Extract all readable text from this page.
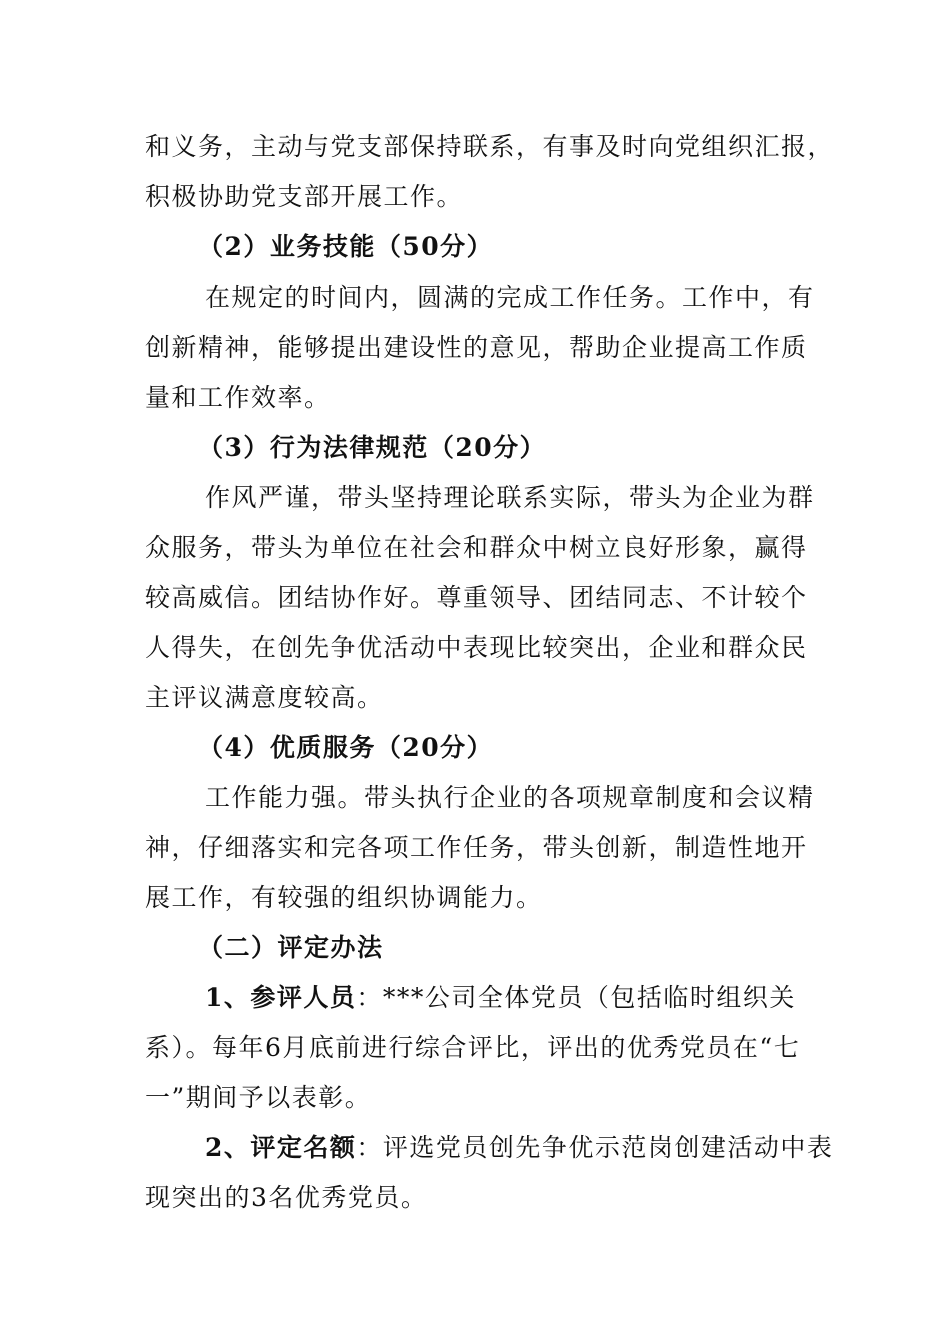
和义务，主动与党支部保持联系，有事及时向党组织汇报，
积极协助党支部开展工作。
（2）业务技能（50分）
在规定的时间内，圆满的完成工作任务。工作中，有
创新精神，能够提出建设性的意见，帮助企业提高工作质
量和工作效率。
（3）行为法律规范（20分）
作风严谨，带头坚持理论联系实际，带头为企业为群
众服务，带头为单位在社会和群众中树立良好形象，赢得
较高威信。团结协作好。尊重领导、团结同志、不计较个
人得失，在创先争优活动中表现比较突出，企业和群众民
主评议满意度较高。
（4）优质服务（20分）
工作能力强。带头执行企业的各项规章制度和会议精
神，仔细落实和完各项工作任务，带头创新，制造性地开
展工作，有较强的组织协调能力。
（二）评定办法
1、参评人员：***公司全体党员（包括临时组织关
系）。每年6月底前进行综合评比，评出的优秀党员在“七
一”期间予以表彰。
2、评定名额：评选党员创先争优示范岗创建活动中表
现突出的3名优秀党员。
